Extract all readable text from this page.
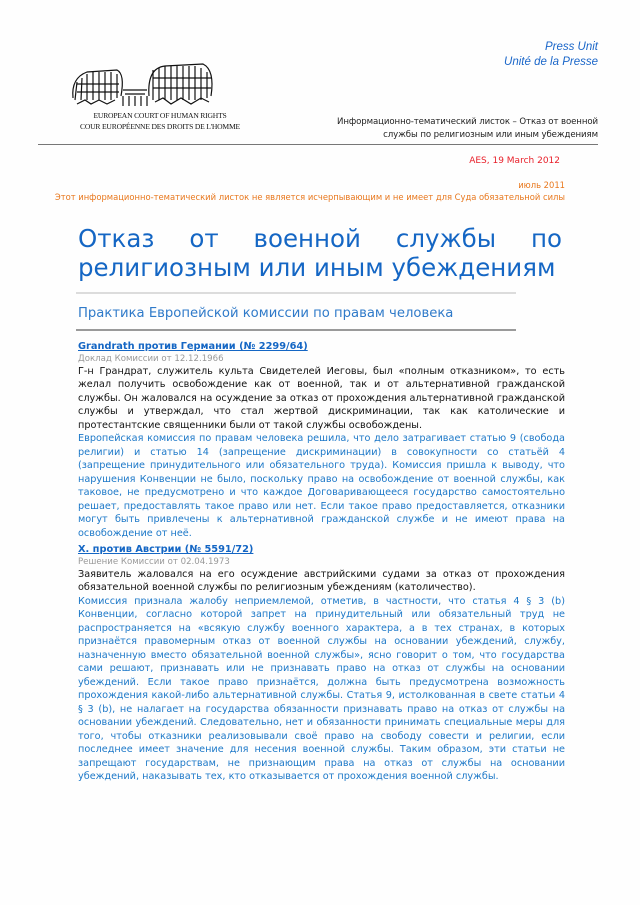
Press Unit
Unité de la Presse
EUROPEAN COURT OF HUMAN RIGHTS
COUR EUROPÉENNE DES DROITS DE L'HOMME	Информационно-тематический листок – Отказ от военной
службы по религиозным или иным убеждениям
AES, 19 March 2012
июль 2011
Этот информационно-тематический листок не является исчерпывающим и не имеет для Суда обязательной силы
Отказ от военной службы по
религиозным или иным убеждениям
Практика Европейской комиссии по правам человека
Grandrath против Германии (№ 2299/64)
Доклад Комиссии от 12.12.1966

Г-н Грандрат, служитель культа Свидетелей Иеговы, был «полным отказником», то есть желал получить освобождение как от военной, так и от альтернативной гражданской службы. Он жаловался на осуждение за отказ от прохождения альтернативной гражданской службы и утверждал, что стал жертвой дискриминации, так как католические и протестантские священники были от такой службы освобождены.

Европейская комиссия по правам человека решила, что дело затрагивает статью 9 (свобода религии) и статью 14 (запрещение дискриминации) в совокупности со статьёй 4 (запрещение принудительного или обязательного труда). Комиссия пришла к выводу, что нарушения Конвенции не было, поскольку право на освобождение от военной службы, как таковое, не предусмотрено и что каждое Договаривающееся государство самостоятельно решает, предоставлять такое право или нет. Если такое право предоставляется, отказники могут быть привлечены к альтернативной гражданской службе и не имеют права на освобождение от неё.

X. против Австрии (№ 5591/72)
Решение Комиссии от 02.04.1973

Заявитель жаловался на его осуждение австрийскими судами за отказ от прохождения обязательной военной службы по религиозным убеждениям (католичество).

Комиссия признала жалобу неприемлемой, отметив, в частности, что статья 4 § 3 (b) Конвенции, согласно которой запрет на принудительный или обязательный труд не распространяется на «всякую службу военного характера, а в тех странах, в которых признаётся правомерным отказ от военной службы на основании убеждений, службу, назначенную вместо обязательной военной службы», ясно говорит о том, что государства сами решают, признавать или не признавать право на отказ от службы на основании убеждений. Если такое право признаётся, должна быть предусмотрена возможность прохождения какой-либо альтернативной службы. Статья 9, истолкованная в свете статьи 4 § 3 (b), не налагает на государства обязанности признавать право на отказ от службы на основании убеждений. Следовательно, нет и обязанности принимать специальные меры для того, чтобы отказники реализовывали своё право на свободу совести и религии, если последнее имеет значение для несения военной службы. Таким образом, эти статьи не запрещают государствам, не признающим права на отказ от службы на основании убеждений, наказывать тех, кто отказывается от прохождения военной службы.
